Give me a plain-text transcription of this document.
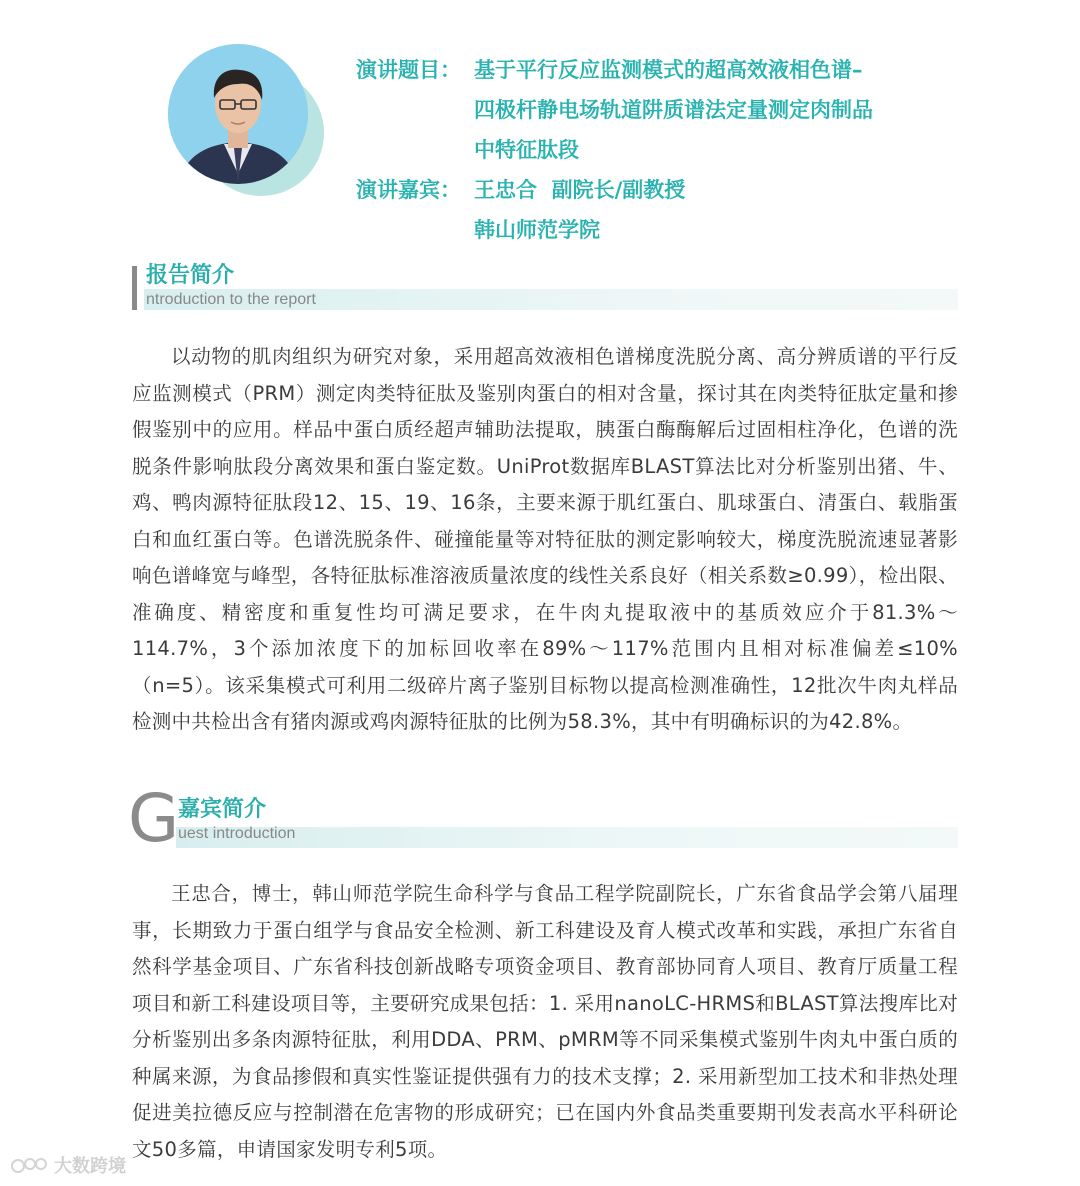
演讲题目： 基于平行反应监测模式的超高效液相色谱–
四极杆静电场轨道阱质谱法定量测定肉制品
中特征肽段
演讲嘉宾： 王忠合  副院长/副教授
韩山师范学院
报告简介
ntroduction to the report

以动物的肌肉组织为研究对象，采用超高效液相色谱梯度洗脱分离、高分辨质谱的平行反应监测模式（PRM）测定肉类特征肽及鉴别肉蛋白的相对含量，探讨其在肉类特征肽定量和掺假鉴别中的应用。样品中蛋白质经超声辅助法提取，胰蛋白酶酶解后过固相柱净化，色谱的洗脱条件影响肽段分离效果和蛋白鉴定数。UniProt数据库BLAST算法比对分析鉴别出猪、牛、鸡、鸭肉源特征肽段12、15、19、16条，主要来源于肌红蛋白、肌球蛋白、清蛋白、载脂蛋白和血红蛋白等。色谱洗脱条件、碰撞能量等对特征肽的测定影响较大，梯度洗脱流速显著影响色谱峰宽与峰型，各特征肽标准溶液质量浓度的线性关系良好（相关系数≥0.99），检出限、准确度、精密度和重复性均可满足要求，在牛肉丸提取液中的基质效应介于81.3%～114.7%，3个添加浓度下的加标回收率在89%～117%范围内且相对标准偏差≤10%（n=5）。该采集模式可利用二级碎片离子鉴别目标物以提高检测准确性，12批次牛肉丸样品检测中共检出含有猪肉源或鸡肉源特征肽的比例为58.3%，其中有明确标识的为42.8%。

G
嘉宾简介
uest introduction

王忠合，博士，韩山师范学院生命科学与食品工程学院副院长，广东省食品学会第八届理事，长期致力于蛋白组学与食品安全检测、新工科建设及育人模式改革和实践，承担广东省自然科学基金项目、广东省科技创新战略专项资金项目、教育部协同育人项目、教育厅质量工程项目和新工科建设项目等，主要研究成果包括：1. 采用nanoLC-HRMS和BLAST算法搜库比对分析鉴别出多条肉源特征肽，利用DDA、PRM、pMRM等不同采集模式鉴别牛肉丸中蛋白质的种属来源，为食品掺假和真实性鉴证提供强有力的技术支撑；2. 采用新型加工技术和非热处理促进美拉德反应与控制潜在危害物的形成研究；已在国内外食品类重要期刊发表高水平科研论文50多篇，申请国家发明专利5项。

大数跨境
